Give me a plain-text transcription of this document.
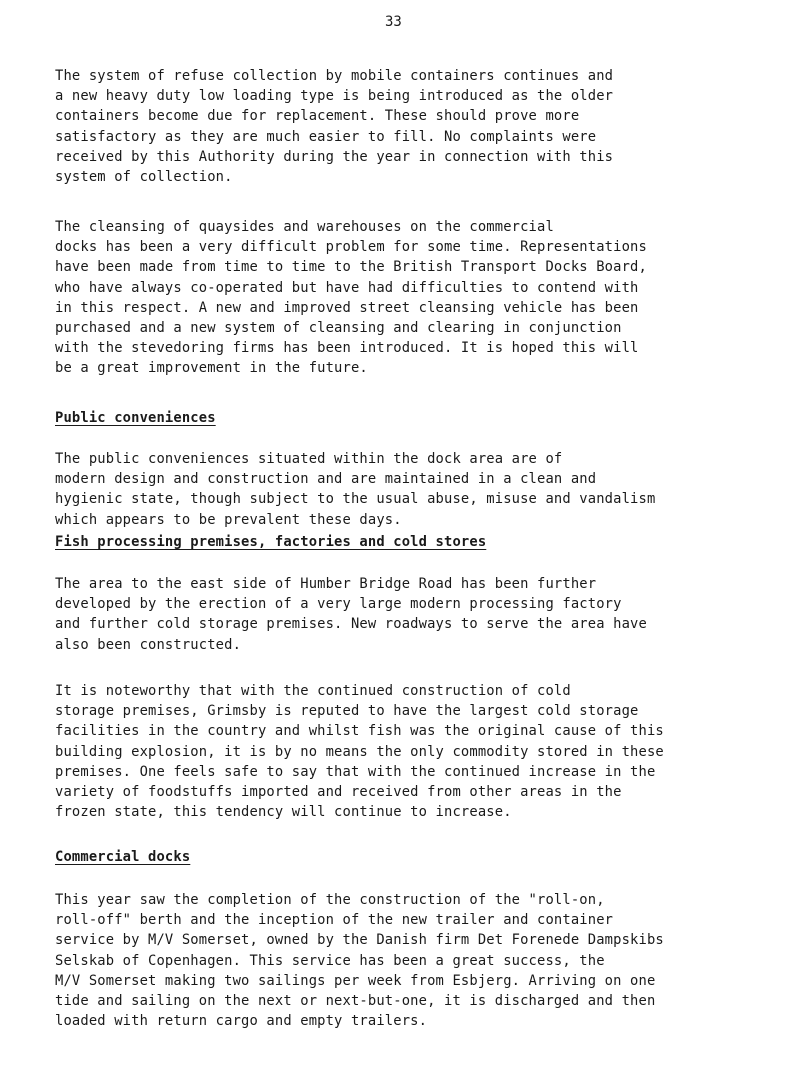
33

The system of refuse collection by mobile containers continues and
a new heavy duty low loading type is being introduced as the older
containers become due for replacement. These should prove more
satisfactory as they are much easier to fill. No complaints were
received by this Authority during the year in connection with this
system of collection.

The cleansing of quaysides and warehouses on the commercial
docks has been a very difficult problem for some time. Representations
have been made from time to time to the British Transport Docks Board,
who have always co-operated but have had difficulties to contend with
in this respect. A new and improved street cleansing vehicle has been
purchased and a new system of cleansing and clearing in conjunction
with the stevedoring firms has been introduced. It is hoped this will
be a great improvement in the future.

Public conveniences

The public conveniences situated within the dock area are of
modern design and construction and are maintained in a clean and
hygienic state, though subject to the usual abuse, misuse and vandalism
which appears to be prevalent these days.

Fish processing premises, factories and cold stores

The area to the east side of Humber Bridge Road has been further
developed by the erection of a very large modern processing factory
and further cold storage premises. New roadways to serve the area have
also been constructed.

It is noteworthy that with the continued construction of cold
storage premises, Grimsby is reputed to have the largest cold storage
facilities in the country and whilst fish was the original cause of this
building explosion, it is by no means the only commodity stored in these
premises. One feels safe to say that with the continued increase in the
variety of foodstuffs imported and received from other areas in the
frozen state, this tendency will continue to increase.

Commercial docks

This year saw the completion of the construction of the "roll-on,
roll-off" berth and the inception of the new trailer and container
service by M/V Somerset, owned by the Danish firm Det Forenede Dampskibs
Selskab of Copenhagen. This service has been a great success, the
M/V Somerset making two sailings per week from Esbjerg. Arriving on one
tide and sailing on the next or next-but-one, it is discharged and then
loaded with return cargo and empty trailers.
